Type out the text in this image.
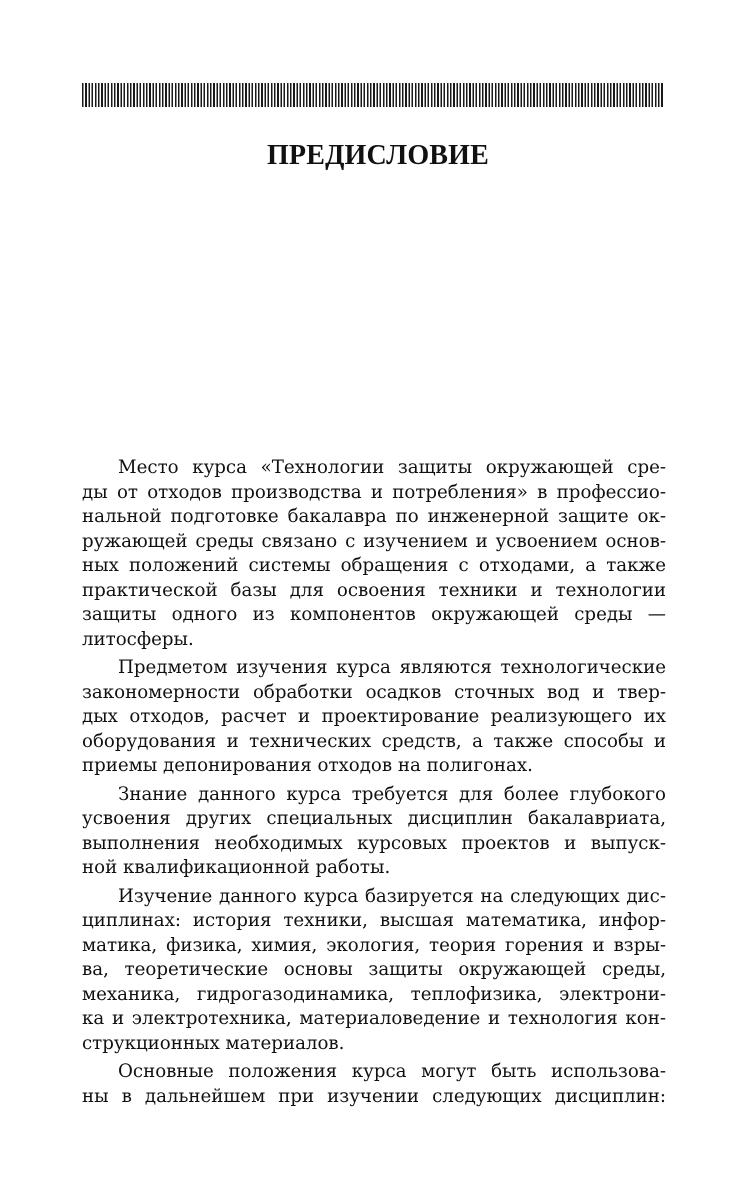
ПРЕДИСЛОВИЕ
Место курса «Технологии защиты окружающей сре-
ды от отходов производства и потребления» в профессио-
нальной подготовке бакалавра по инженерной защите ок-
ружающей среды связано с изучением и усвоением основ-
ных положений системы обращения с отходами, а также
практической базы для освоения техники и технологии
защиты одного из компонентов окружающей среды —
литосферы.
Предметом изучения курса являются технологические
закономерности обработки осадков сточных вод и твер-
дых отходов, расчет и проектирование реализующего их
оборудования и технических средств, а также способы и
приемы депонирования отходов на полигонах.
Знание данного курса требуется для более глубокого
усвоения других специальных дисциплин бакалавриата,
выполнения необходимых курсовых проектов и выпуск-
ной квалификационной работы.
Изучение данного курса базируется на следующих дис-
циплинах: история техники, высшая математика, инфор-
матика, физика, химия, экология, теория горения и взры-
ва, теоретические основы защиты окружающей среды,
механика, гидрогазодинамика, теплофизика, электрони-
ка и электротехника, материаловедение и технология кон-
струкционных материалов.
Основные положения курса могут быть использова-
ны в дальнейшем при изучении следующих дисциплин:
